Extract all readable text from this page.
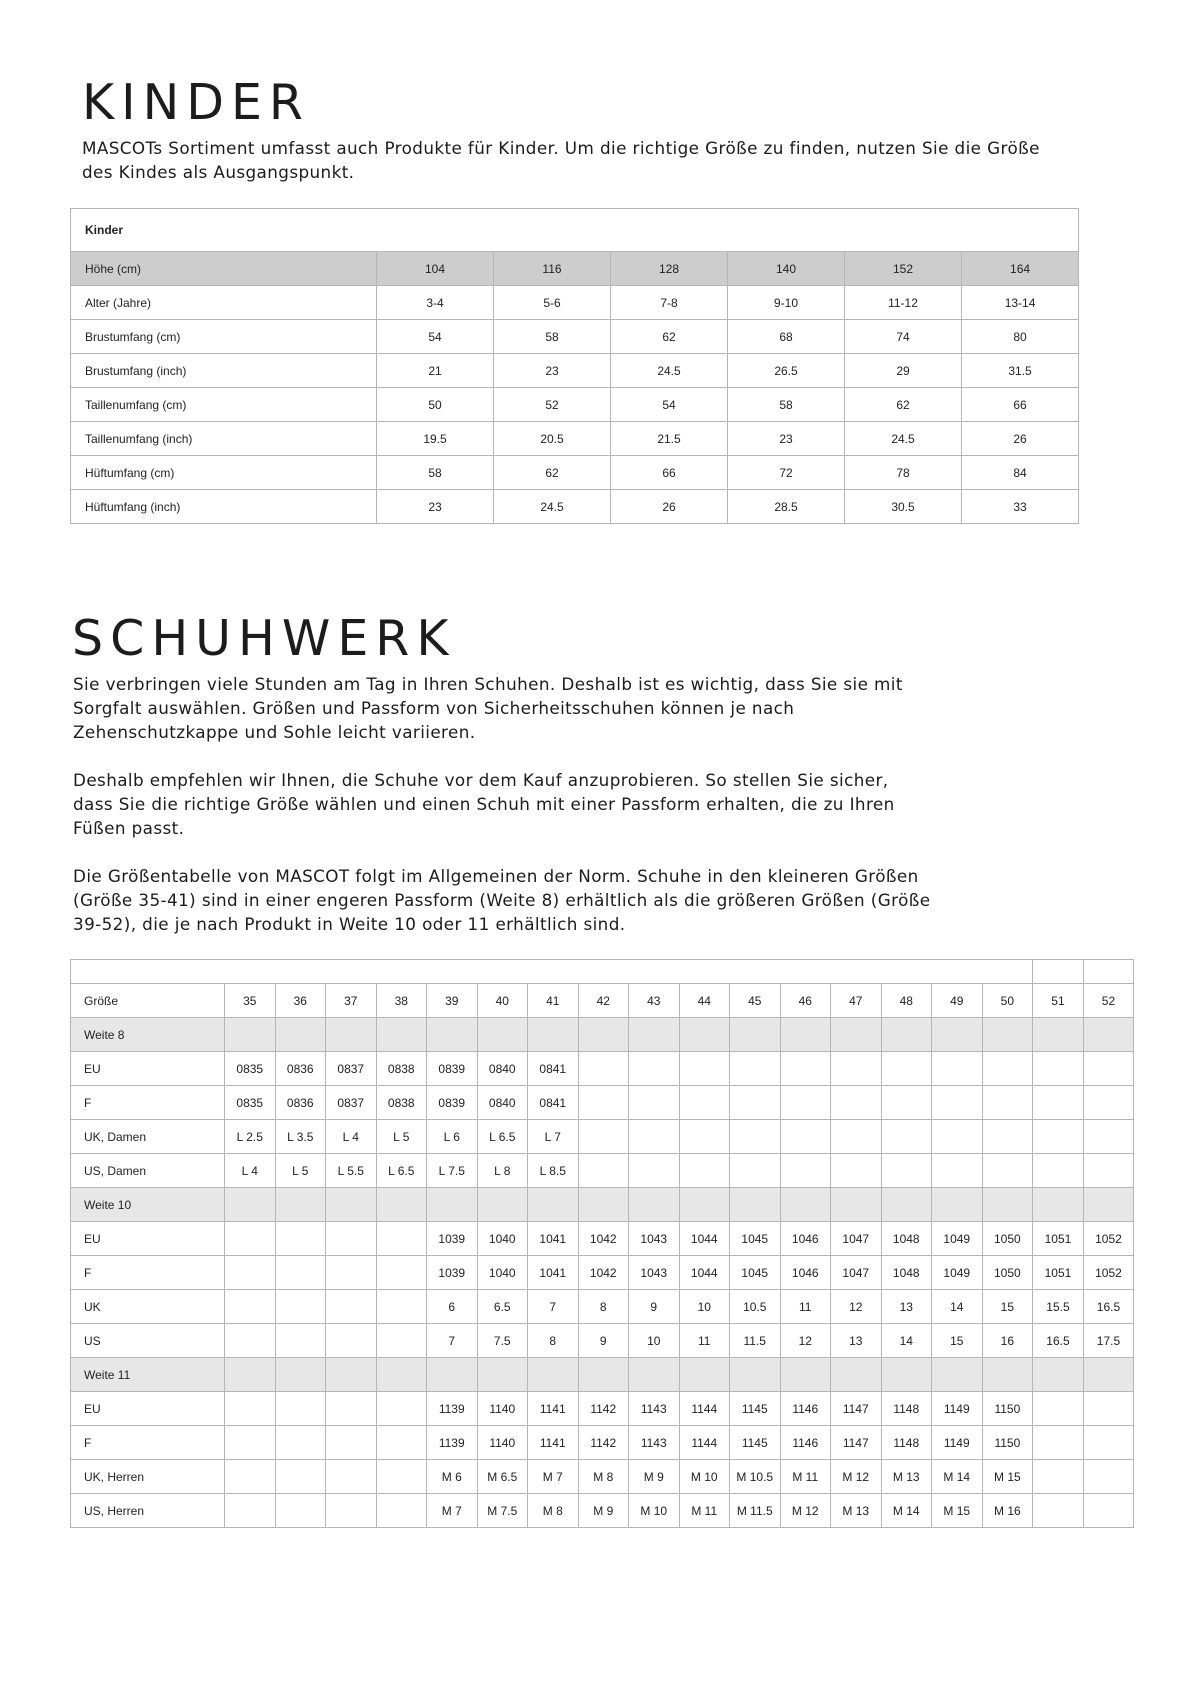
KINDER
MASCOTs Sortiment umfasst auch Produkte für Kinder. Um die richtige Größe zu finden, nutzen Sie die Größe des Kindes als Ausgangspunkt.
Kinder						
Höhe (cm)	104	116	128	140	152	164
Alter (Jahre)	3-4	5-6	7-8	9-10	11-12	13-14
Brustumfang (cm)	54	58	62	68	74	80
Brustumfang (inch)	21	23	24.5	26.5	29	31.5
Taillenumfang (cm)	50	52	54	58	62	66
Taillenumfang (inch)	19.5	20.5	21.5	23	24.5	26
Hüftumfang (cm)	58	62	66	72	78	84
Hüftumfang (inch)	23	24.5	26	28.5	30.5	33
SCHUHWERK

Sie verbringen viele Stunden am Tag in Ihren Schuhen. Deshalb ist es wichtig, dass Sie sie mit Sorgfalt auswählen. Größen und Passform von Sicherheitsschuhen können je nach Zehenschutzkappe und Sohle leicht variieren.

Deshalb empfehlen wir Ihnen, die Schuhe vor dem Kauf anzuprobieren. So stellen Sie sicher, dass Sie die richtige Größe wählen und einen Schuh mit einer Passform erhalten, die zu Ihren Füßen passt.

Die Größentabelle von MASCOT folgt im Allgemeinen der Norm. Schuhe in den kleineren Größen (Größe 35-41) sind in einer engeren Passform (Weite 8) erhältlich als die größeren Größen (Größe 39-52), die je nach Produkt in Weite 10 oder 11 erhältlich sind.

Größe	35	36	37	38	39	40	41	42	43	44	45	46	47	48	49	50	51	52
Weite 8																		
EU	0835	0836	0837	0838	0839	0840	0841											
F	0835	0836	0837	0838	0839	0840	0841											
UK, Damen	L 2.5	L 3.5	L 4	L 5	L 6	L 6.5	L 7											
US, Damen	L 4	L 5	L 5.5	L 6.5	L 7.5	L 8	L 8.5											
Weite 10																		
EU					1039	1040	1041	1042	1043	1044	1045	1046	1047	1048	1049	1050	1051	1052
F					1039	1040	1041	1042	1043	1044	1045	1046	1047	1048	1049	1050	1051	1052
UK					6	6.5	7	8	9	10	10.5	11	12	13	14	15	15.5	16.5
US					7	7.5	8	9	10	11	11.5	12	13	14	15	16	16.5	17.5
Weite 11																		
EU					1139	1140	1141	1142	1143	1144	1145	1146	1147	1148	1149	1150		
F					1139	1140	1141	1142	1143	1144	1145	1146	1147	1148	1149	1150		
UK, Herren					M 6	M 6.5	M 7	M 8	M 9	M 10	M 10.5	M 11	M 12	M 13	M 14	M 15		
US, Herren					M 7	M 7.5	M 8	M 9	M 10	M 11	M 11.5	M 12	M 13	M 14	M 15	M 16		
